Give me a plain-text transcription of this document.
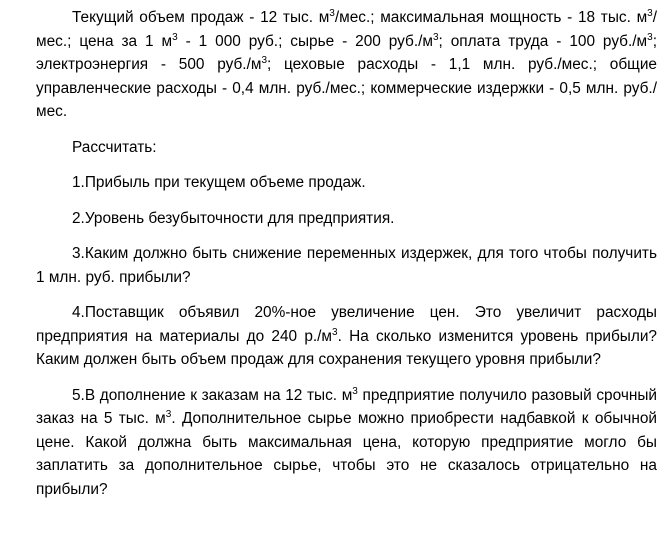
Текущий объем продаж - 12 тыс. $м^3$/мес.; максимальная мощность - 18 тыс. $м^3$/мес.; цена за 1 $м^3 - 1$ 000 руб.; сырье - 200 $руб./м^3$; оплата труда - 100 $руб./м^3$; электроэнергия - 500 $руб./м^3$; цеховые расходы - 1,1 млн. руб./мес.; общие управленческие расходы - 0,4 млн. руб./мес.; коммерческие издержки - 0,5 млн. руб./мес.

Рассчитать:

1.Прибыль при текущем объеме продаж.

2.Уровень безубыточности для предприятия.

3.Каким должно быть снижение переменных издержек, для того чтобы получить 1 млн. руб. прибыли?

4.Поставщик объявил 20%-ное увеличение цен. Это увеличит расходы предприятия на материалы до 240 $р./м^3$. На сколько изменится уровень прибыли? Каким должен быть объем продаж для сохранения текущего уровня прибыли?

5.В дополнение к заказам на 12 тыс. $м^3$ предприятие получило разовый срочный заказ на 5 тыс. $м^3$. Дополнительное сырье можно приобрести надбавкой к обычной цене. Какой должна быть максимальная цена, которую предприятие могло бы заплатить за дополнительное сырье, чтобы это не сказалось отрицательно на прибыли?
